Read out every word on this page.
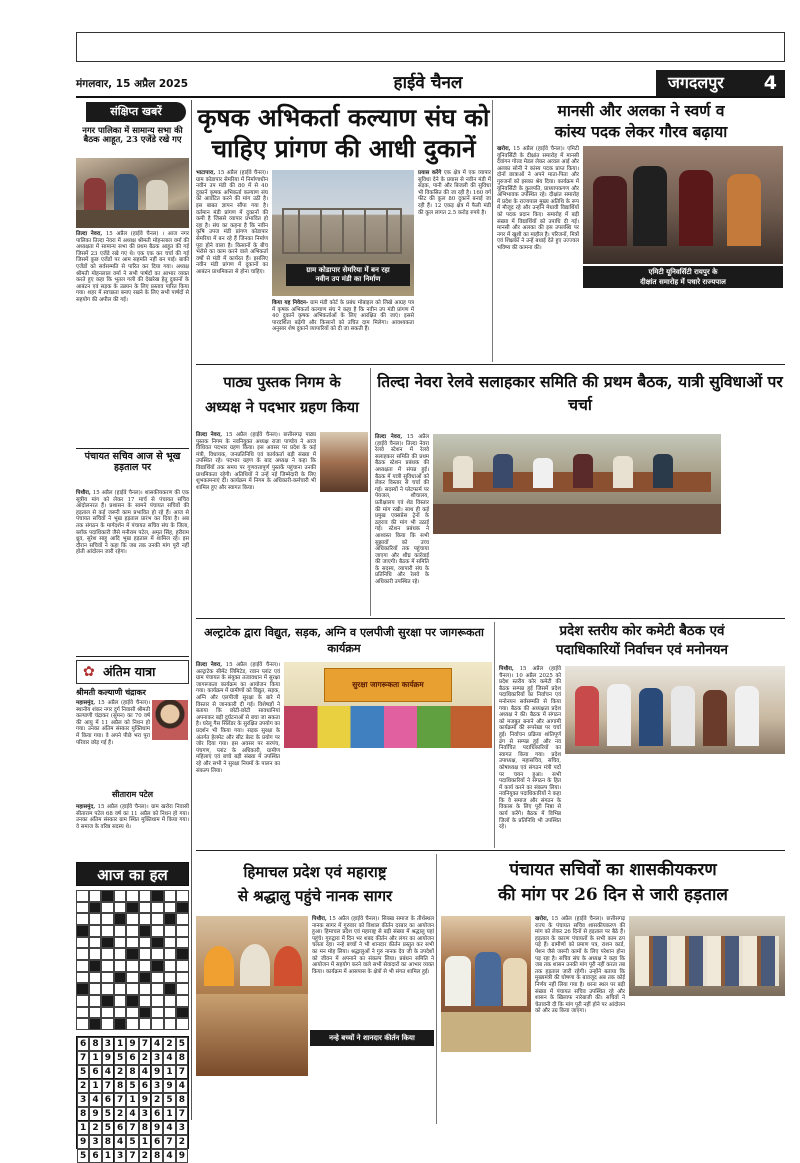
मंगलवार, 15 अप्रैल 2025	हाईवे चैनल	जगदलपुर 4
संक्षिप्त खबरें
नगर पालिका में सामान्य सभा की बैठक आहूत, 23 एजेंडे रखे गए
तिल्दा नेवरा, 15 अप्रैल (हाईवे चैनल) । आज नगर पालिका तिल्दा नेवरा में अध्यक्ष श्रीमती मोहनलाल वर्मा की अध्यक्षता में सामान्य सभा की प्रथम बैठक आहूत की गई जिसमें 23 एजेंडे रखे गए थे। एक एक कर चर्चा की गई जिसमें कुछ एजेंडों पर आम सहमति नहीं बन पाई। बाकी एजेंडों को सर्वसम्मति से पारित कर दिया गया। अध्यक्ष श्रीमती मोहनलाल वर्मा ने सभी पार्षदों का आभार व्यक्त करते हुए कहा कि भूतल गली की देखरेख हेतु दुकानों के आबंटन एवं सड़क के उन्नयन के लिए प्रस्ताव पारित किया गया। शहर में स्वच्छता बनाए रखने के लिए सभी पार्षदों से सहयोग की अपील की गई।
पंचायत सचिव आज से भूख हड़ताल पर
पिथौरा, 15 अप्रैल (हाईवे चैनल)। शासकीयकरण की एक सूत्रीय मांग को लेकर 17 मार्च से पंचायत सचिव आंदोलनरत हैं। प्रशासन के सामने पंचायत सचिवों की हड़ताल से कई जरूरी काम प्रभावित हो रहे हैं। आज से पंचायत सचिवों ने भूख हड़ताल प्रारंभ कर दिया है। अब तक संगठन के मार्गदर्शन में पंचायत सचिव संघ के जिला, ब्लॉक पदाधिकारी जैसे मनीराम पटेल, अमृत सिंह, हरीराम ध्रुव, सुरेश साहू आदि भूख हड़ताल में शामिल रहे। इस दौरान सचिवों ने कहा कि जब तक उनकी मांग पूरी नहीं होती आंदोलन जारी रहेगा।
✿ अंतिम यात्रा
श्रीमती कल्याणी चंद्राकर
महासमुंद, 15 अप्रैल (हाईवे चैनल)। स्थानीय शंकर नगर दुर्ग निवासी श्रीमती कल्याणी चंद्राकर (सुमन) का 70 वर्ष की आयु में 11 अप्रैल को निधन हो गया। उनका अंतिम संस्कार मुक्तिधाम में किया गया। वे अपने पीछे भरा पूरा परिवार छोड़ गई हैं।
सीताराम पटेल
महासमुंद, 15 अप्रैल (हाईवे चैनल)। ग्राम खरोरा निवासी सीताराम पटेल 68 वर्ष का 11 अप्रैल को निधन हो गया। उनका अंतिम संस्कार ग्राम स्थित मुक्तिधाम में किया गया। वे समाज के वरिष्ठ सदस्य थे।
आज का हल
6 8 3 1 9 7 4 2 5
7 1 9 5 6 2 3 4 8
5 6 4 2 8 4 9 1 7
2 1 7 8 5 6 3 9 4
3 4 6 7 1 9 2 5 8
8 9 5 2 4 3 6 1 7
1 2 5 6 7 8 9 4 3
9 3 8 4 5 1 6 7 2
5 6 1 3 7 2 8 4 9
कृषक अभिकर्ता कल्याण संघ को
चाहिए प्रांगण की आधी दुकानें
भाटापारा, 15 अप्रैल (हाईवे चैनल)। ग्राम कोडापार सेमरिया में निर्माणाधीन नवीन उप मंडी की 80 में से 40 दुकानें कृषक अभिकर्ता कल्याण संघ को आवंटित करने की मांग उठी है। इस बाबत ज्ञापन सौंपा गया है। वर्तमान मंडी प्रांगण में दुकानों की कमी है जिससे व्यापार प्रभावित हो रहा है। संघ का कहना है कि नवीन कृषि उपज मंडी प्रांगण कोडापार सेमरिया में बन रहे हैं जिनका निर्माण पूरा होने वाला है। किसानों के बीच भरोसे का काम करने वाले अभिकर्ता वर्षों से मंडी में कार्यरत हैं। इसलिए नवीन मंडी प्रांगण में दुकानों का आबंटन प्राथमिकता से होना चाहिए।	ग्राम कोडापार सेमरिया में बन रहा
नवीन उप मंडी का निर्माण
प्रयास करेंगे एक क्षेत्र में एक व्यापार सुविधा देने के प्रयास से नवीन मंडी में सड़क, पानी और बिजली की सुविधा भी विकसित की जा रही है। 160 वर्ग फीट की कुल 80 दुकानें बनाई जा रही हैं। 12 एकड़ क्षेत्र में फैली मंडी की कुल लागत 2.5 करोड़ रुपये है।
किया यह निवेदन- ग्राम मंडी कोर्ट के प्रबंध मोबाइल को लिखे आग्रह पत्र में कृषक अभिकर्ता कल्याण संघ ने कहा है कि नवीन उप मंडी प्रांगण में 40 दुकानें कृषक अभिकर्ताओं के लिए आरक्षित की जाएं। इससे पारदर्शिता बढ़ेगी और किसानों को उचित दाम मिलेगा। आवश्यकता अनुसार शेष दुकानें व्यापारियों को दी जा सकती हैं।
मानसी और अलका ने स्वर्ण व
कांस्य पदक लेकर गौरव बढ़ाया
खरोरा, 15 अप्रैल (हाईवे चैनल)। एमिटी यूनिवर्सिटी के दीक्षांत समारोह में मानसी देवांगन गोल्ड मेडल लेकर अव्वल आई और अलका सोनी ने कांस्य पदक प्राप्त किया। दोनों छात्राओं ने अपने माता-पिता और गुरुजनों को इसका श्रेय दिया। कार्यक्रम में यूनिवर्सिटी के कुलपति, प्राध्यापकगण और अभिभावक उपस्थित रहे। दीक्षांत समारोह में प्रदेश के राज्यपाल मुख्य अतिथि के रूप में मौजूद रहे और उन्होंने मेधावी विद्यार्थियों को पदक प्रदान किए। समारोह में बड़ी संख्या में विद्यार्थियों को उपाधि दी गई। मानसी और अलका की इस उपलब्धि पर नगर में खुशी का माहौल है। परिजनों, मित्रों एवं शिक्षकों ने उन्हें बधाई देते हुए उज्ज्वल भविष्य की कामना की।
एमिटी यूनिवर्सिटी रायपुर के
दीक्षांत समारोह में पधारे राज्यपाल
पाठ्य पुस्तक निगम के
अध्यक्ष ने पदभार ग्रहण किया
तिल्दा नेवरा, 15 अप्रैल (हाईवे चैनल)। छत्तीसगढ़ पाठ्य पुस्तक निगम के नवनियुक्त अध्यक्ष राजा पाण्डेय ने आज विधिवत पदभार ग्रहण किया। इस अवसर पर प्रदेश के कई मंत्री, विधायक, जनप्रतिनिधि एवं कार्यकर्ता बड़ी संख्या में उपस्थित रहे। पदभार ग्रहण के बाद अध्यक्ष ने कहा कि विद्यार्थियों तक समय पर गुणवत्तापूर्ण पुस्तकें पहुंचाना उनकी प्राथमिकता रहेगी। अतिथियों ने उन्हें नई जिम्मेदारी के लिए शुभकामनाएं दीं। कार्यक्रम में निगम के अधिकारी-कर्मचारी भी शामिल हुए और स्वागत किया।
तिल्दा नेवरा रेलवे सलाहकार समिति की प्रथम बैठक, यात्री सुविधाओं पर चर्चा
तिल्दा नेवरा, 15 अप्रैल (हाईवे चैनल)। तिल्दा नेवरा रेलवे स्टेशन में रेलवे सलाहकार समिति की प्रथम बैठक स्टेशन प्रबंधक की अध्यक्षता में संपन्न हुई। बैठक में यात्री सुविधाओं को लेकर विस्तार से चर्चा की गई। सदस्यों ने प्लेटफार्म पर पेयजल, शौचालय, प्रतीक्षालय एवं शेड विस्तार की मांग रखी। साथ ही कई प्रमुख एक्सप्रेस ट्रेनों के ठहराव की मांग भी उठाई गई। स्टेशन प्रबंधक ने आश्वस्त किया कि सभी सुझावों को उच्च अधिकारियों तक पहुंचाया जाएगा और शीघ्र कार्रवाई की जाएगी। बैठक में समिति के सदस्य, व्यापारी संघ के प्रतिनिधि और रेलवे के अधिकारी उपस्थित रहे।
अल्ट्राटेक द्वारा विद्युत, सड़क, अग्नि व एलपीजी सुरक्षा पर जागरूकता कार्यक्रम
तिल्दा नेवरा, 15 अप्रैल (हाईवे चैनल)। अल्ट्राटेक सीमेंट लिमिटेड, रवान प्लांट एवं ग्राम पंचायत के संयुक्त तत्वावधान में सुरक्षा जागरूकता कार्यक्रम का आयोजन किया गया। कार्यक्रम में ग्रामीणों को विद्युत, सड़क, अग्नि और एलपीजी सुरक्षा के बारे में विस्तार से जानकारी दी गई। विशेषज्ञों ने बताया कि छोटी-छोटी सावधानियां अपनाकर बड़ी दुर्घटनाओं से बचा जा सकता है। घरेलू गैस सिलेंडर के सुरक्षित उपयोग का प्रदर्शन भी किया गया। सड़क सुरक्षा के अंतर्गत हेलमेट और सीट बेल्ट के प्रयोग पर जोर दिया गया। इस अवसर पर सरपंच, पंचगण, प्लांट के अधिकारी, ग्रामीण महिलाएं एवं बच्चे बड़ी संख्या में उपस्थित रहे और सभी ने सुरक्षा नियमों के पालन का संकल्प लिया।
सुरक्षा जागरूकता कार्यक्रम
प्रदेश स्तरीय कोर कमेटी बैठक एवं
पदाधिकारियों निर्वाचन एवं मनोनयन
पिथौरा, 15 अप्रैल (हाईवे चैनल)। 10 अप्रैल 2025 को प्रदेश स्तरीय कोर कमेटी की बैठक सम्पन्न हुई जिसमें प्रदेश पदाधिकारियों का निर्वाचन एवं मनोनयन सर्वसम्मति से किया गया। बैठक की अध्यक्षता प्रदेश अध्यक्ष ने की। बैठक में संगठन को मजबूत बनाने और आगामी कार्यक्रमों की रूपरेखा पर चर्चा हुई। निर्वाचन प्रक्रिया शांतिपूर्ण ढंग से सम्पन्न हुई और नव निर्वाचित पदाधिकारियों का स्वागत किया गया। प्रदेश उपाध्यक्ष, महासचिव, सचिव, कोषाध्यक्ष एवं संगठन मंत्री पदों पर चयन हुआ। सभी पदाधिकारियों ने संगठन के हित में कार्य करने का संकल्प लिया। नवनियुक्त पदाधिकारियों ने कहा कि वे समाज और संगठन के विकास के लिए पूरी निष्ठा से कार्य करेंगे। बैठक में विभिन्न जिलों के प्रतिनिधि भी उपस्थित रहे।
हिमाचल प्रदेश एवं महाराष्ट्र
से श्रद्धालु पहुंचे नानक सागर
नन्हे बच्चों ने शानदार कीर्तन किया
पिथौरा, 15 अप्रैल (हाईवे चैनल)। सिक्ख समाज के तीर्थस्थल नानक सागर में गुरुवार को विशाल कीर्तन दरबार का आयोजन हुआ। हिमाचल प्रदेश एवं महाराष्ट्र से बड़ी संख्या में श्रद्धालु यहां पहुंचे। गुरुद्वारा में दिन भर शबद कीर्तन और लंगर का आयोजन चलता रहा। नन्हे बच्चों ने भी शानदार कीर्तन प्रस्तुत कर सभी का मन मोह लिया। श्रद्धालुओं ने गुरु नानक देव जी के उपदेशों को जीवन में अपनाने का संकल्प लिया। प्रबंधन समिति ने आयोजन में सहयोग करने वाले सभी सेवादारों का आभार व्यक्त किया। कार्यक्रम में आसपास के क्षेत्रों से भी संगत शामिल हुई।
पंचायत सचिवों का शासकीयकरण
की मांग पर 26 दिन से जारी हड़ताल
खरोरा, 15 अप्रैल (हाईवे चैनल)। छत्तीसगढ़ राज्य के पंचायत सचिव शासकीयकरण की मांग को लेकर 26 दिनों से हड़ताल पर बैठे हैं। हड़ताल के कारण पंचायतों के सभी काम ठप पड़े हैं। ग्रामीणों को प्रमाण पत्र, राशन कार्ड, पेंशन जैसे जरूरी कामों के लिए परेशान होना पड़ रहा है। सचिव संघ के अध्यक्ष ने कहा कि जब तक शासन उनकी मांग पूरी नहीं करता तब तक हड़ताल जारी रहेगी। उन्होंने बताया कि मुख्यमंत्री की घोषणा के बावजूद अब तक कोई निर्णय नहीं लिया गया है। धरना स्थल पर बड़ी संख्या में पंचायत सचिव उपस्थित रहे और शासन के खिलाफ नारेबाजी की। सचिवों ने चेतावनी दी कि मांग पूरी नहीं होने पर आंदोलन को और उग्र किया जाएगा।
